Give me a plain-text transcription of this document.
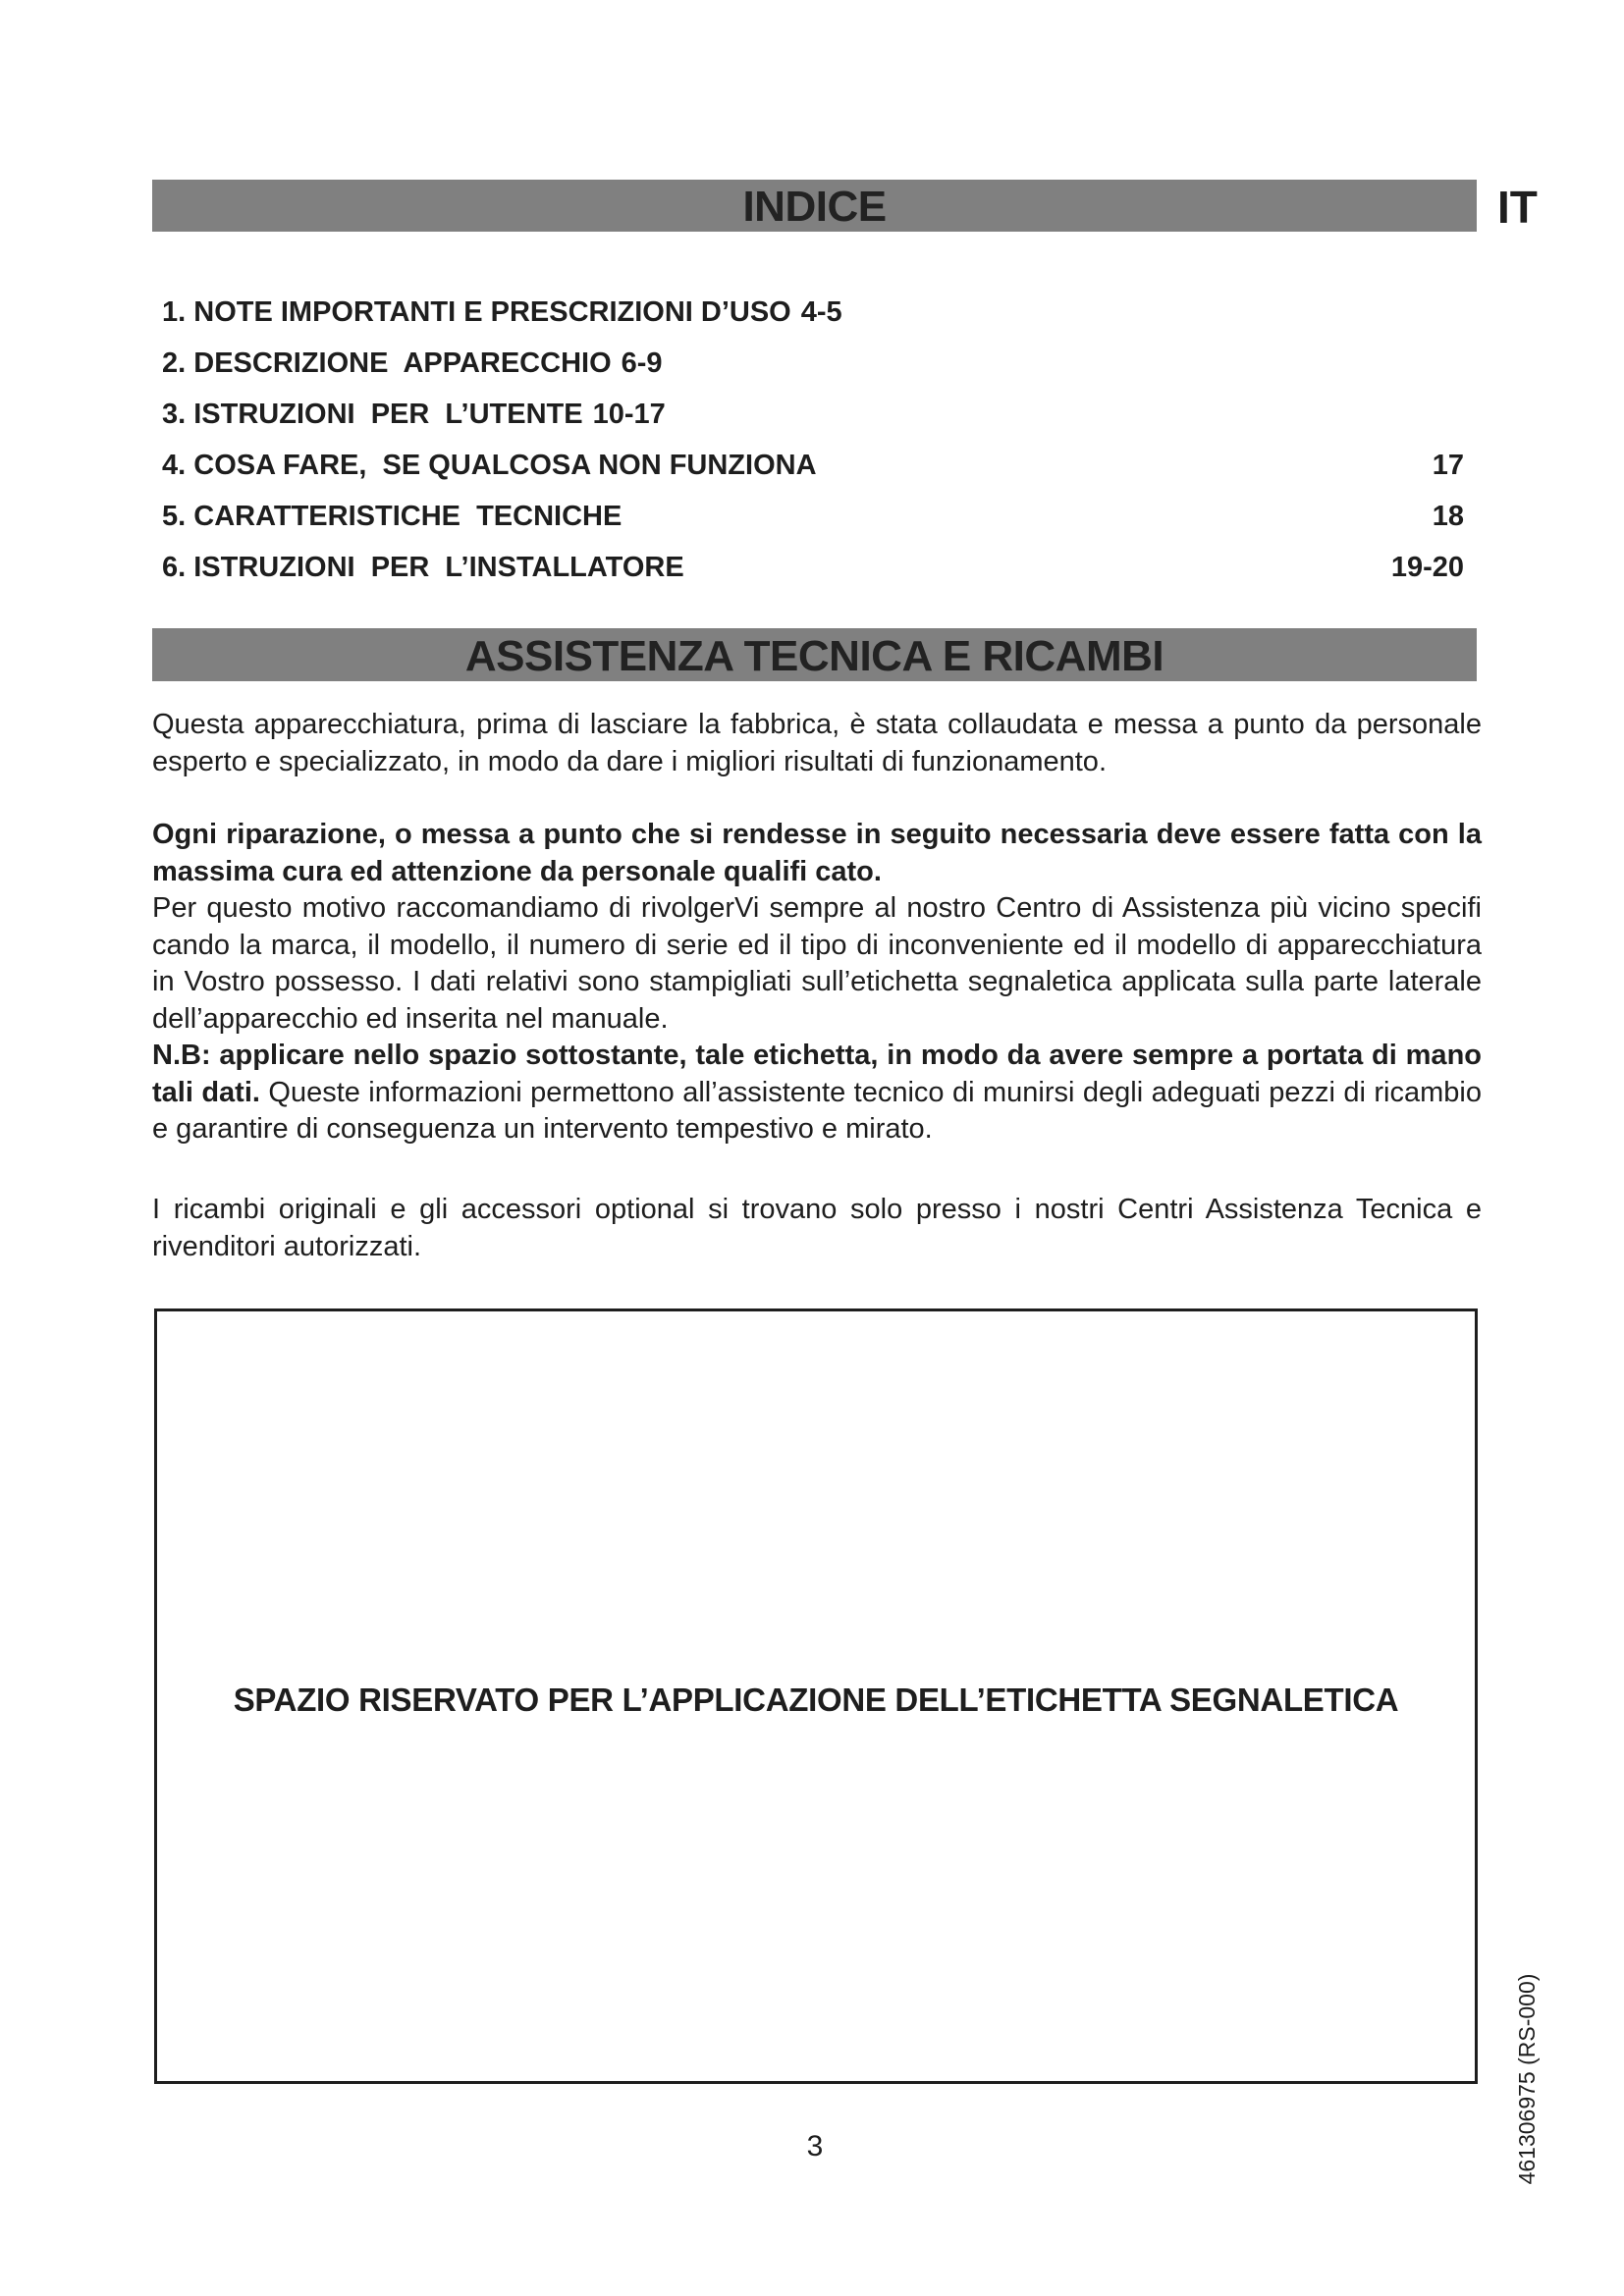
INDICE	IT
1. NOTE IMPORTANTI E PRESCRIZIONI D’USO 4-5
2. DESCRIZIONE  APPARECCHIO 6-9
3. ISTRUZIONI  PER  L’UTENTE 10-17
4. COSA FARE,  SE QUALCOSA NON FUNZIONA	17
5. CARATTERISTICHE  TECNICHE	18
6. ISTRUZIONI  PER  L’INSTALLATORE	19-20
ASSISTENZA TECNICA E RICAMBI

Questa apparecchiatura, prima di lasciare la fabbrica, è stata collaudata e messa a punto da personale esperto e specializzato, in modo da dare i migliori risultati di funzionamento.

Ogni riparazione, o messa a punto che si rendesse in seguito necessaria deve essere fatta con la massima cura ed attenzione da personale qualifi cato.

Per questo motivo raccomandiamo di rivolgerVi sempre al nostro Centro di Assistenza più vicino specifi cando la marca, il modello, il numero di serie ed il tipo di inconveniente ed il modello di apparecchiatura in Vostro possesso. I dati relativi sono stampigliati sull’etichetta segnaletica applicata sulla parte laterale dell’apparecchio ed inserita nel manuale.

N.B: applicare nello spazio sottostante, tale etichetta, in modo da avere sempre a portata di mano tali dati. Queste informazioni permettono all’assistente tecnico di munirsi degli adeguati pezzi di ricambio e garantire di conseguenza un intervento tempestivo e mirato.

I ricambi originali e gli accessori optional si trovano solo presso i nostri Centri Assistenza Tecnica e rivenditori autorizzati.

SPAZIO RISERVATO PER L’APPLICAZIONE DELL’ETICHETTA SEGNALETICA
3	461306975 (RS-000)
